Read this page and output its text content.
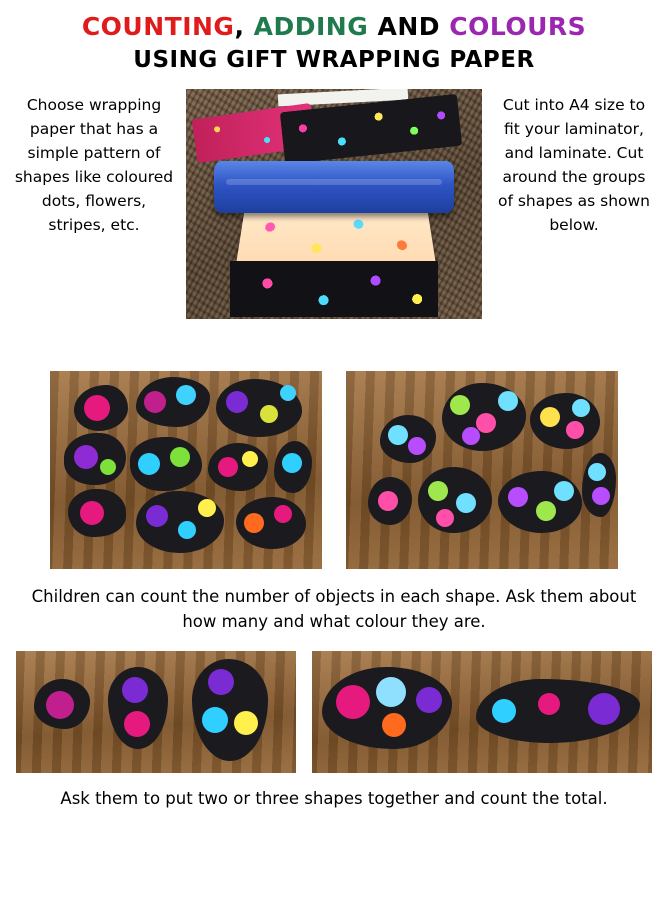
COUNTING, ADDING AND COLOURS
USING GIFT WRAPPING PAPER
Choose wrapping paper that has a simple pattern of shapes like coloured dots, flowers, stripes, etc.
Cut into A4 size to fit your laminator, and laminate. Cut around the groups of shapes as shown below.
Children can count the number of objects in each shape. Ask them about how many and what colour they are.
Ask them to put two or three shapes together and count the total.
